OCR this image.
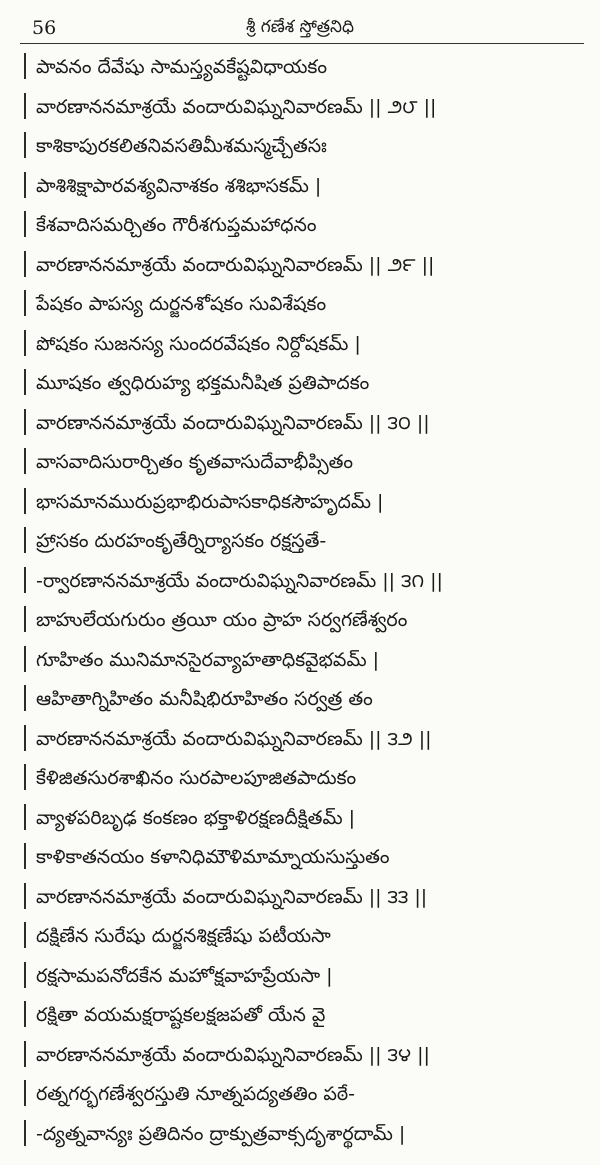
56	శ్రీ గణేశ స్తోత్రనిధి
పావనం దేవేషు సామస్త్యవకేష్టవిధాయకం
వారణాననమాశ్రయే వందారువిఘ్ననివారణమ్ || ౨౮ ||
కాశికాపురకలితనివసతిమీశమస్మచ్చేతసః
పాశిశిక్షాపారవశ్యవినాశకం శశిభాసకమ్ |
కేశవాదిసమర్చితం గౌరీశగుప్తమహాధనం
వారణాననమాశ్రయే వందారువిఘ్ననివారణమ్ || ౨౯ ||
పేషకం పాపస్య దుర్జనశోషకం సువిశేషకం
పోషకం సుజనస్య సుందరవేషకం నిర్దోషకమ్ |
మూషకం త్వధిరుహ్య భక్తమనీషిత ప్రతిపాదకం
వారణాననమాశ్రయే వందారువిఘ్ననివారణమ్ || ౩౦ ||
వాసవాదిసురార్చితం కృతవాసుదేవాభీప్సితం
భాసమానమురుప్రభాభిరుపాసకాధికసౌహృదమ్ |
హ్రాసకం దురహంకృతేర్నిర్యాసకం రక్షస్తతే-
-ర్వారణాననమాశ్రయే వందారువిఘ్ననివారణమ్ || ౩౧ ||
బాహులేయగురుం త్రయీ యం ప్రాహ సర్వగణేశ్వరం
గూహితం మునిమానసైరవ్యాహతాధికవైభవమ్ |
ఆహితాగ్నిహితం మనీషిభిరూహితం సర్వత్ర తం
వారణాననమాశ్రయే వందారువిఘ్ననివారణమ్ || ౩౨ ||
కేళిజితసురశాఖినం సురపాలపూజితపాదుకం
వ్యాళపరిబృఢ కంకణం భక్తాళిరక్షణదీక్షితమ్ |
కాళికాతనయం కళానిధిమౌళిమామ్నాయసుస్తుతం
వారణాననమాశ్రయే వందారువిఘ్ననివారణమ్ || ౩౩ ||
దక్షిణేన సురేషు దుర్జనశిక్షణేషు పటీయసా
రక్షసామపనోదకేన మహోక్షవాహప్రేయసా |
రక్షితా వయమక్షరాష్టకలక్షజపతో యేన వై
వారణాననమాశ్రయే వందారువిఘ్ననివారణమ్ || ౩౪ ||
రత్నగర్భగణేశ్వరస్తుతి నూత్నపద్యతతిం పఠే-
-ద్యత్నవాన్యః ప్రతిదినం ద్రాక్పుత్రవాక్సదృశార్థదామ్ |
